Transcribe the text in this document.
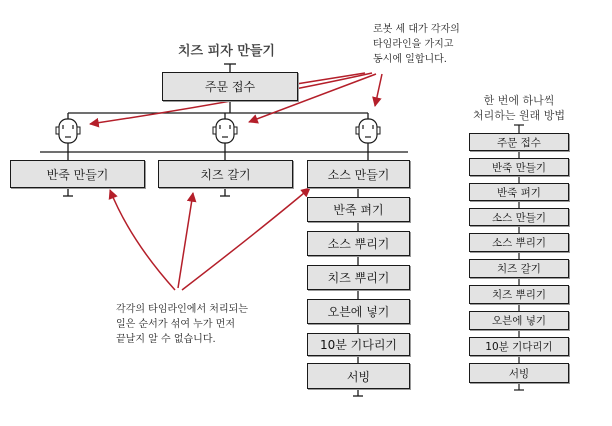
치즈 피자 만들기
주문 접수
로봇 세 대가 각자의
타임라인을 가지고
동시에 일합니다.
반죽 만들기	치즈 갈기	소스 만들기
반죽 펴기
소스 뿌리기
치즈 뿌리기
오븐에 넣기
10분 기다리기
서빙
각각의 타임라인에서 처리되는
일은 순서가 섞여 누가 먼저
끝날지 알 수 없습니다.
한 번에 하나씩
처리하는 원래 방법
주문 접수
반죽 만들기
반죽 펴기
소스 만들기
소스 뿌리기
치즈 갈기
치즈 뿌리기
오븐에 넣기
10분 기다리기
서빙
